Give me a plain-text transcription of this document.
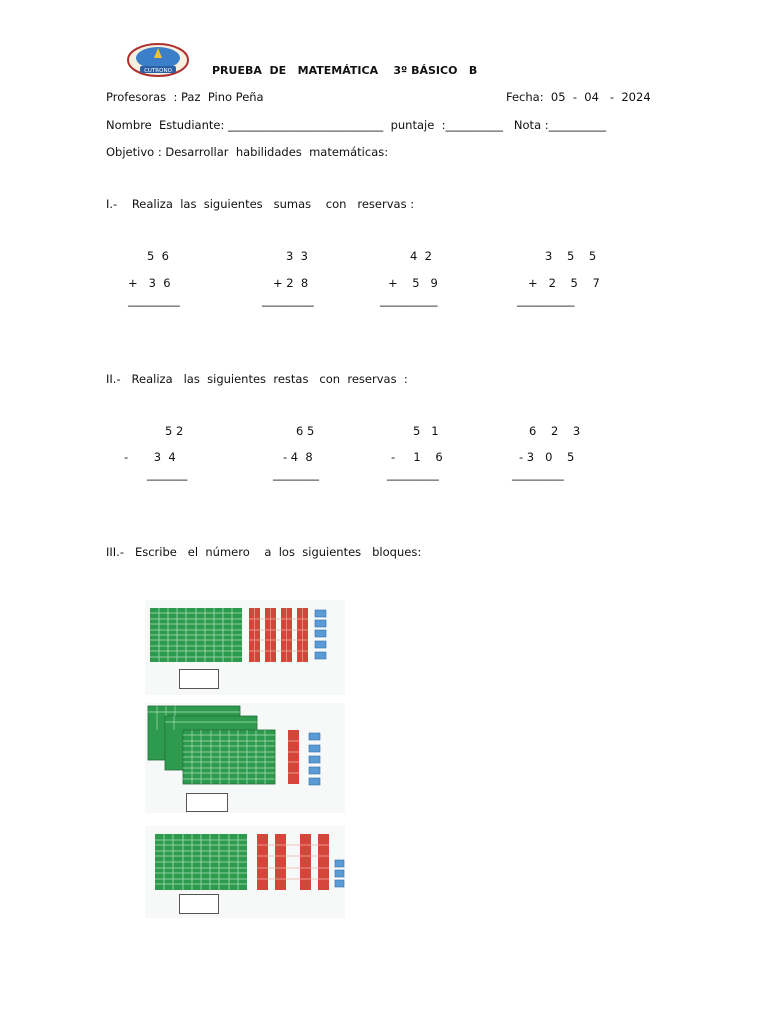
CUTRONO	PRUEBA  DE   MATEMÁTICA    3º BÁSICO   B
Profesoras  : Paz  Pino Peña	Fecha:  05  -  04   -  2024
Nombre  Estudiante: ___________________________  puntaje  :__________   Nota :__________
Objetivo : Desarrollar  habilidades  matemáticas:
I.-    Realiza  las  siguientes   sumas    con   reservas :
5  6
+   3  6
_________
3  3
+ 2  8
_________
4  2
+    5   9
__________
3    5    5
+   2    5    7
__________
II.-   Realiza   las  siguientes  restas   con  reservas  :
5 2
-       3  4
_______
6 5
- 4  8
________
5   1
-     1    6
_________
6    2    3
- 3   0    5
_________
III.-   Escribe   el  número    a  los  siguientes   bloques:
